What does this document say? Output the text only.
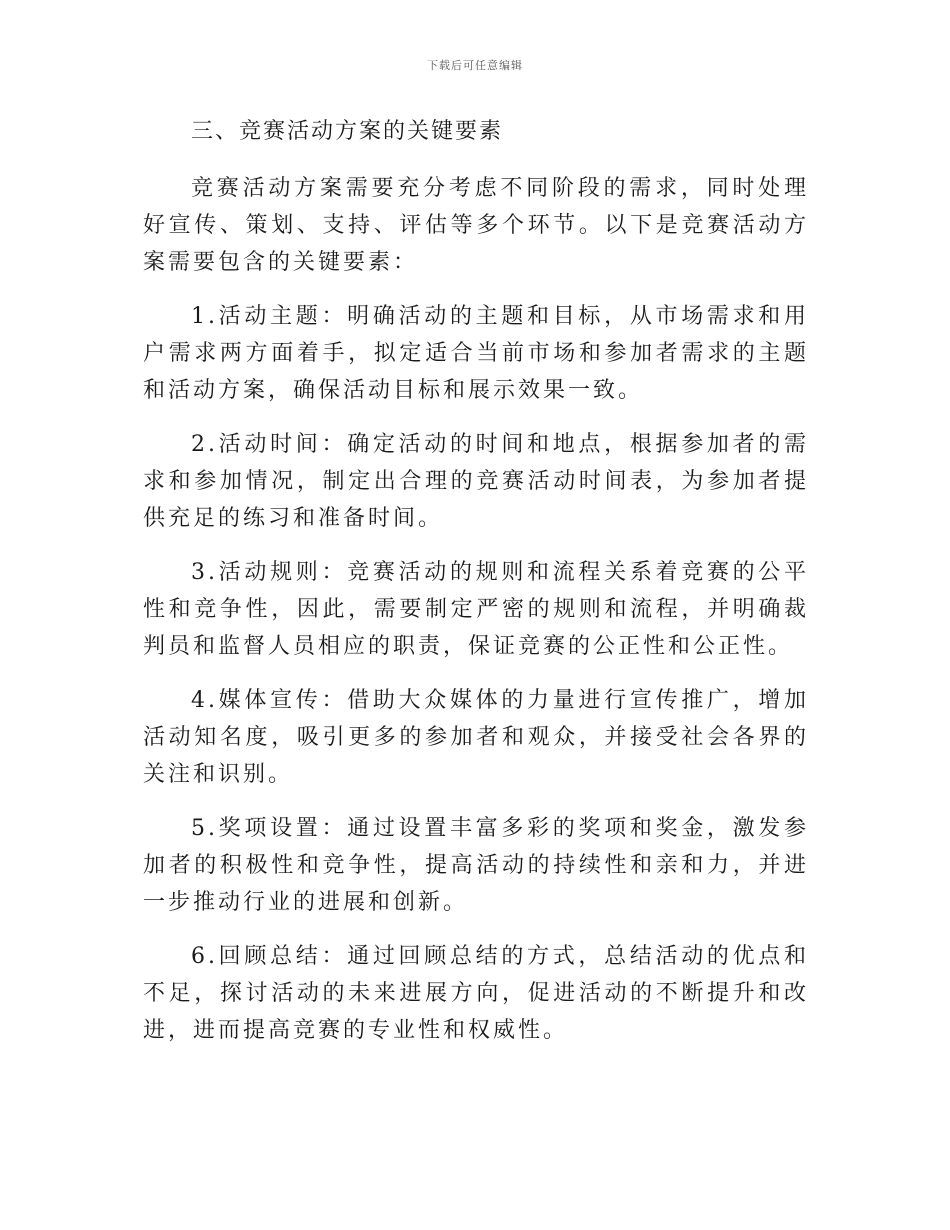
下载后可任意编辑
三、竞赛活动方案的关键要素

竞赛活动方案需要充分考虑不同阶段的需求，同时处理好宣传、策划、支持、评估等多个环节。以下是竞赛活动方案需要包含的关键要素：

1.活动主题：明确活动的主题和目标，从市场需求和用户需求两方面着手，拟定适合当前市场和参加者需求的主题和活动方案，确保活动目标和展示效果一致。

2.活动时间：确定活动的时间和地点，根据参加者的需求和参加情况，制定出合理的竞赛活动时间表，为参加者提供充足的练习和准备时间。

3.活动规则：竞赛活动的规则和流程关系着竞赛的公平性和竞争性，因此，需要制定严密的规则和流程，并明确裁判员和监督人员相应的职责，保证竞赛的公正性和公正性。

4.媒体宣传：借助大众媒体的力量进行宣传推广，增加活动知名度，吸引更多的参加者和观众，并接受社会各界的关注和识别。

5.奖项设置：通过设置丰富多彩的奖项和奖金，激发参加者的积极性和竞争性，提高活动的持续性和亲和力，并进一步推动行业的进展和创新。

6.回顾总结：通过回顾总结的方式，总结活动的优点和不足，探讨活动的未来进展方向，促进活动的不断提升和改进，进而提高竞赛的专业性和权威性。
